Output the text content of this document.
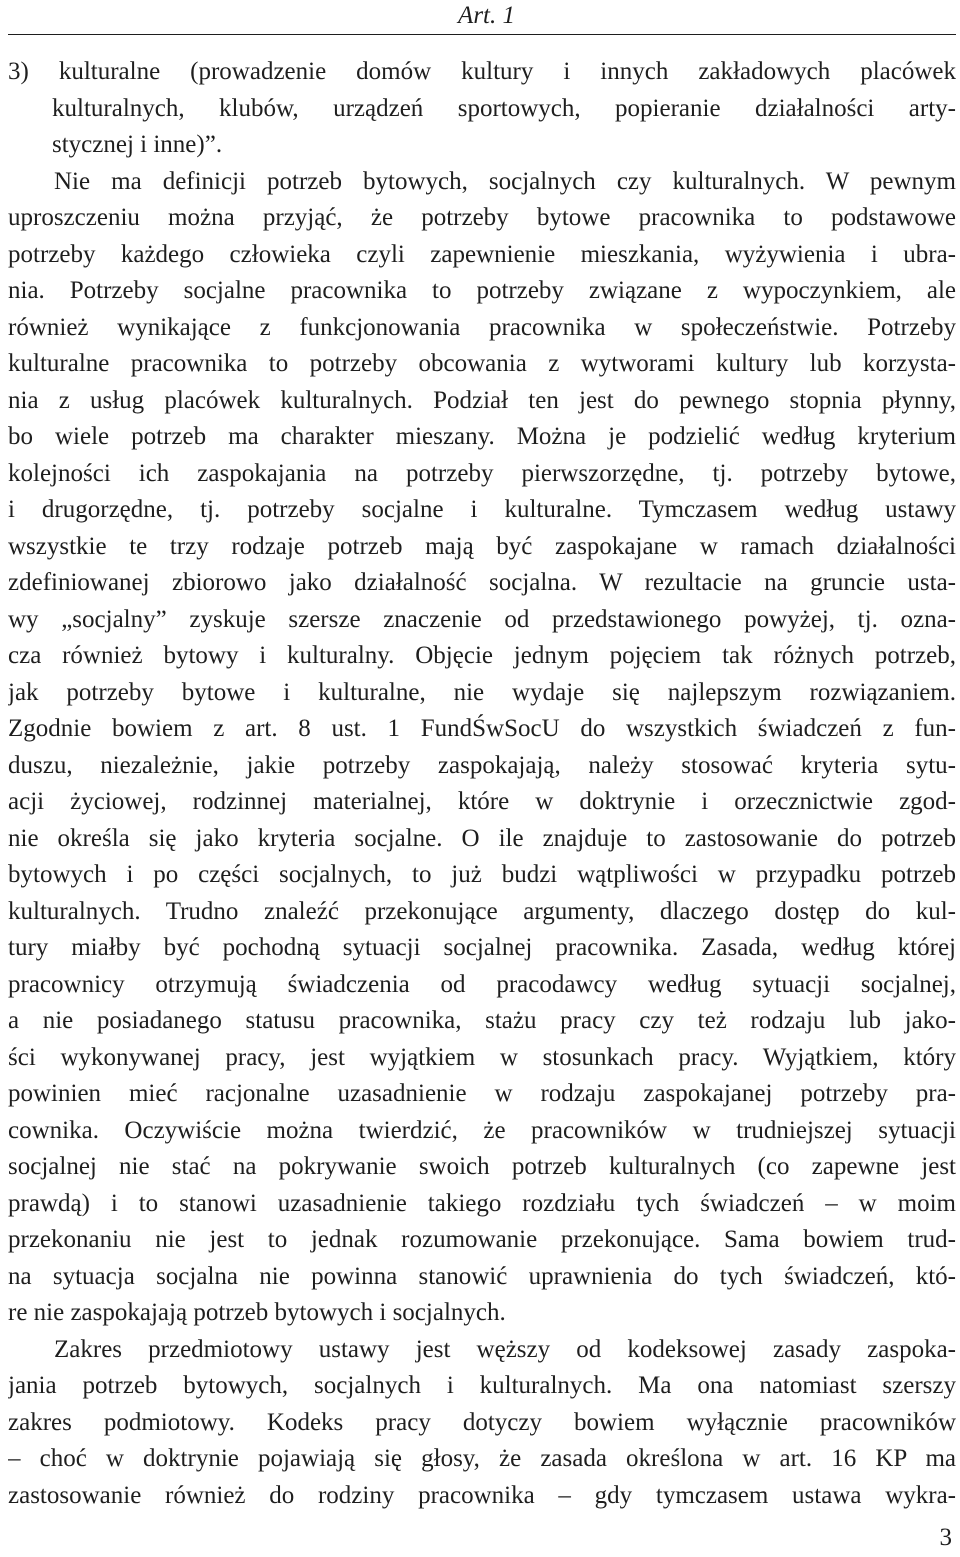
Art. 1
3) kulturalne (prowadzenie domów kultury i innych zakładowych placówek
kulturalnych, klubów, urządzeń sportowych, popieranie działalności arty-
stycznej i inne)”.
Nie ma definicji potrzeb bytowych, socjalnych czy kulturalnych. W pewnym
uproszczeniu można przyjąć, że potrzeby bytowe pracownika to podstawowe
potrzeby każdego człowieka czyli zapewnienie mieszkania, wyżywienia i ubra-
nia. Potrzeby socjalne pracownika to potrzeby związane z wypoczynkiem, ale
również wynikające z funkcjonowania pracownika w społeczeństwie. Potrzeby
kulturalne pracownika to potrzeby obcowania z wytworami kultury lub korzysta-
nia z usług placówek kulturalnych. Podział ten jest do pewnego stopnia płynny,
bo wiele potrzeb ma charakter mieszany. Można je podzielić według kryterium
kolejności ich zaspokajania na potrzeby pierwszorzędne, tj. potrzeby bytowe,
i drugorzędne, tj. potrzeby socjalne i kulturalne. Tymczasem według ustawy
wszystkie te trzy rodzaje potrzeb mają być zaspokajane w ramach działalności
zdefiniowanej zbiorowo jako działalność socjalna. W rezultacie na gruncie usta-
wy „socjalny” zyskuje szersze znaczenie od przedstawionego powyżej, tj. ozna-
cza również bytowy i kulturalny. Objęcie jednym pojęciem tak różnych potrzeb,
jak potrzeby bytowe i kulturalne, nie wydaje się najlepszym rozwiązaniem.
Zgodnie bowiem z art. 8 ust. 1 FundŚwSocU do wszystkich świadczeń z fun-
duszu, niezależnie, jakie potrzeby zaspokajają, należy stosować kryteria sytu-
acji życiowej, rodzinnej materialnej, które w doktrynie i orzecznictwie zgod-
nie określa się jako kryteria socjalne. O ile znajduje to zastosowanie do potrzeb
bytowych i po części socjalnych, to już budzi wątpliwości w przypadku potrzeb
kulturalnych. Trudno znaleźć przekonujące argumenty, dlaczego dostęp do kul-
tury miałby być pochodną sytuacji socjalnej pracownika. Zasada, według której
pracownicy otrzymują świadczenia od pracodawcy według sytuacji socjalnej,
a nie posiadanego statusu pracownika, stażu pracy czy też rodzaju lub jako-
ści wykonywanej pracy, jest wyjątkiem w stosunkach pracy. Wyjątkiem, który
powinien mieć racjonalne uzasadnienie w rodzaju zaspokajanej potrzeby pra-
cownika. Oczywiście można twierdzić, że pracowników w trudniejszej sytuacji
socjalnej nie stać na pokrywanie swoich potrzeb kulturalnych (co zapewne jest
prawdą) i to stanowi uzasadnienie takiego rozdziału tych świadczeń – w moim
przekonaniu nie jest to jednak rozumowanie przekonujące. Sama bowiem trud-
na sytuacja socjalna nie powinna stanowić uprawnienia do tych świadczeń, któ-
re nie zaspokajają potrzeb bytowych i socjalnych.
Zakres przedmiotowy ustawy jest węższy od kodeksowej zasady zaspoka-
jania potrzeb bytowych, socjalnych i kulturalnych. Ma ona natomiast szerszy
zakres podmiotowy. Kodeks pracy dotyczy bowiem wyłącznie pracowników
– choć w doktrynie pojawiają się głosy, że zasada określona w art. 16 KP ma
zastosowanie również do rodziny pracownika – gdy tymczasem ustawa wykra-
3
